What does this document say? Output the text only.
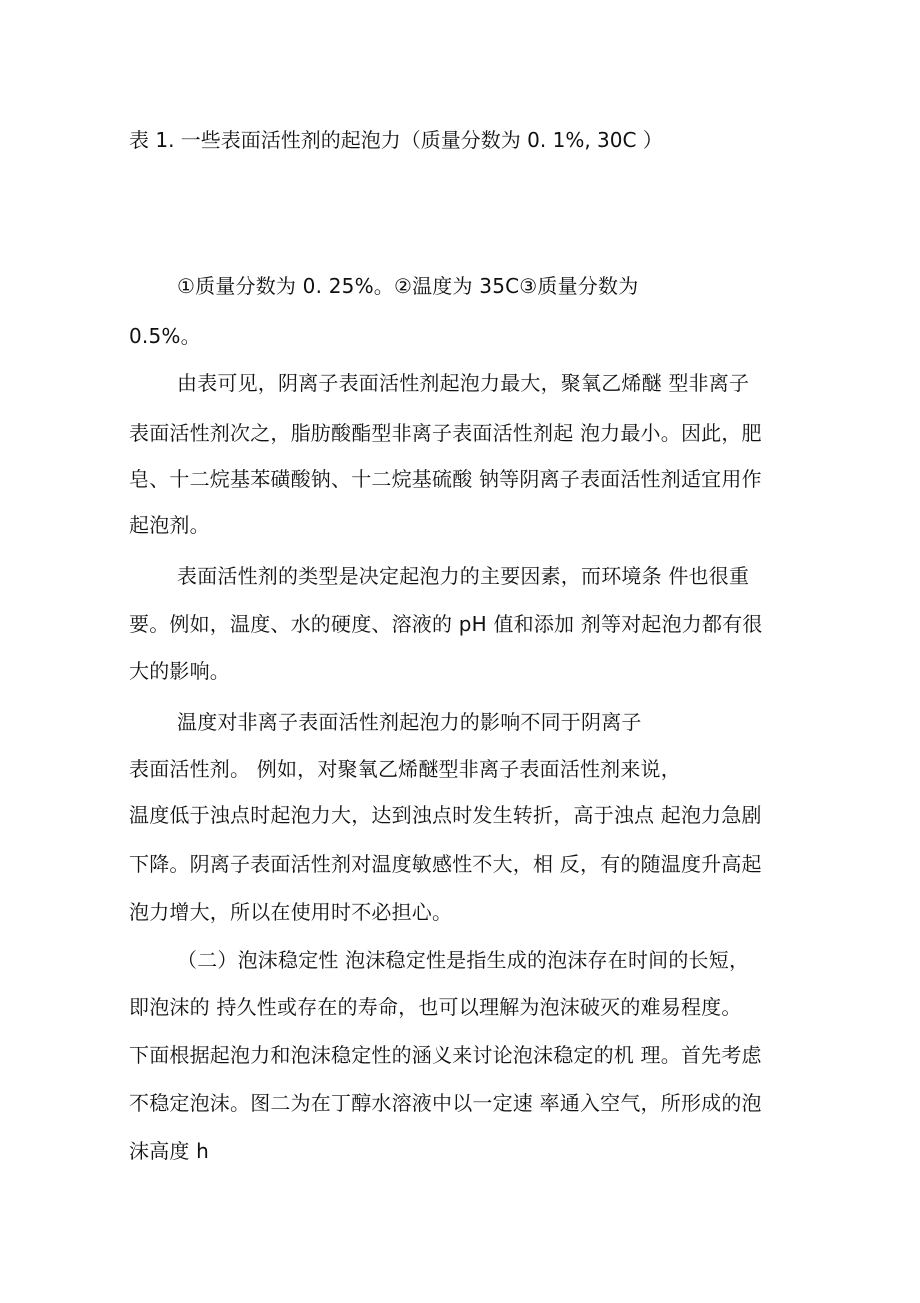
表 1. 一些表面活性剂的起泡力（质量分数为 0. 1%, 30C ）
①质量分数为 0. 25%。②温度为 35C③质量分数为
0.5%。
由表可见，阴离子表面活性剂起泡力最大，聚氧乙烯醚 型非离子
表面活性剂次之，脂肪酸酯型非离子表面活性剂起 泡力最小。因此，肥
皂、十二烷基苯磺酸钠、十二烷基硫酸 钠等阴离子表面活性剂适宜用作
起泡剂。
表面活性剂的类型是决定起泡力的主要因素，而环境条 件也很重
要。例如，温度、水的硬度、溶液的 pH 值和添加 剂等对起泡力都有很
大的影响。
温度对非离子表面活性剂起泡力的影响不同于阴离子
表面活性剂。 例如，对聚氧乙烯醚型非离子表面活性剂来说，
温度低于浊点时起泡力大，达到浊点时发生转折，高于浊点 起泡力急剧
下降。阴离子表面活性剂对温度敏感性不大，相 反，有的随温度升高起
泡力增大，所以在使用时不必担心。
（二）泡沫稳定性 泡沫稳定性是指生成的泡沫存在时间的长短，
即泡沫的 持久性或存在的寿命，也可以理解为泡沫破灭的难易程度。
下面根据起泡力和泡沫稳定性的涵义来讨论泡沫稳定的机 理。首先考虑
不稳定泡沫。图二为在丁醇水溶液中以一定速 率通入空气，所形成的泡
沫高度 h
